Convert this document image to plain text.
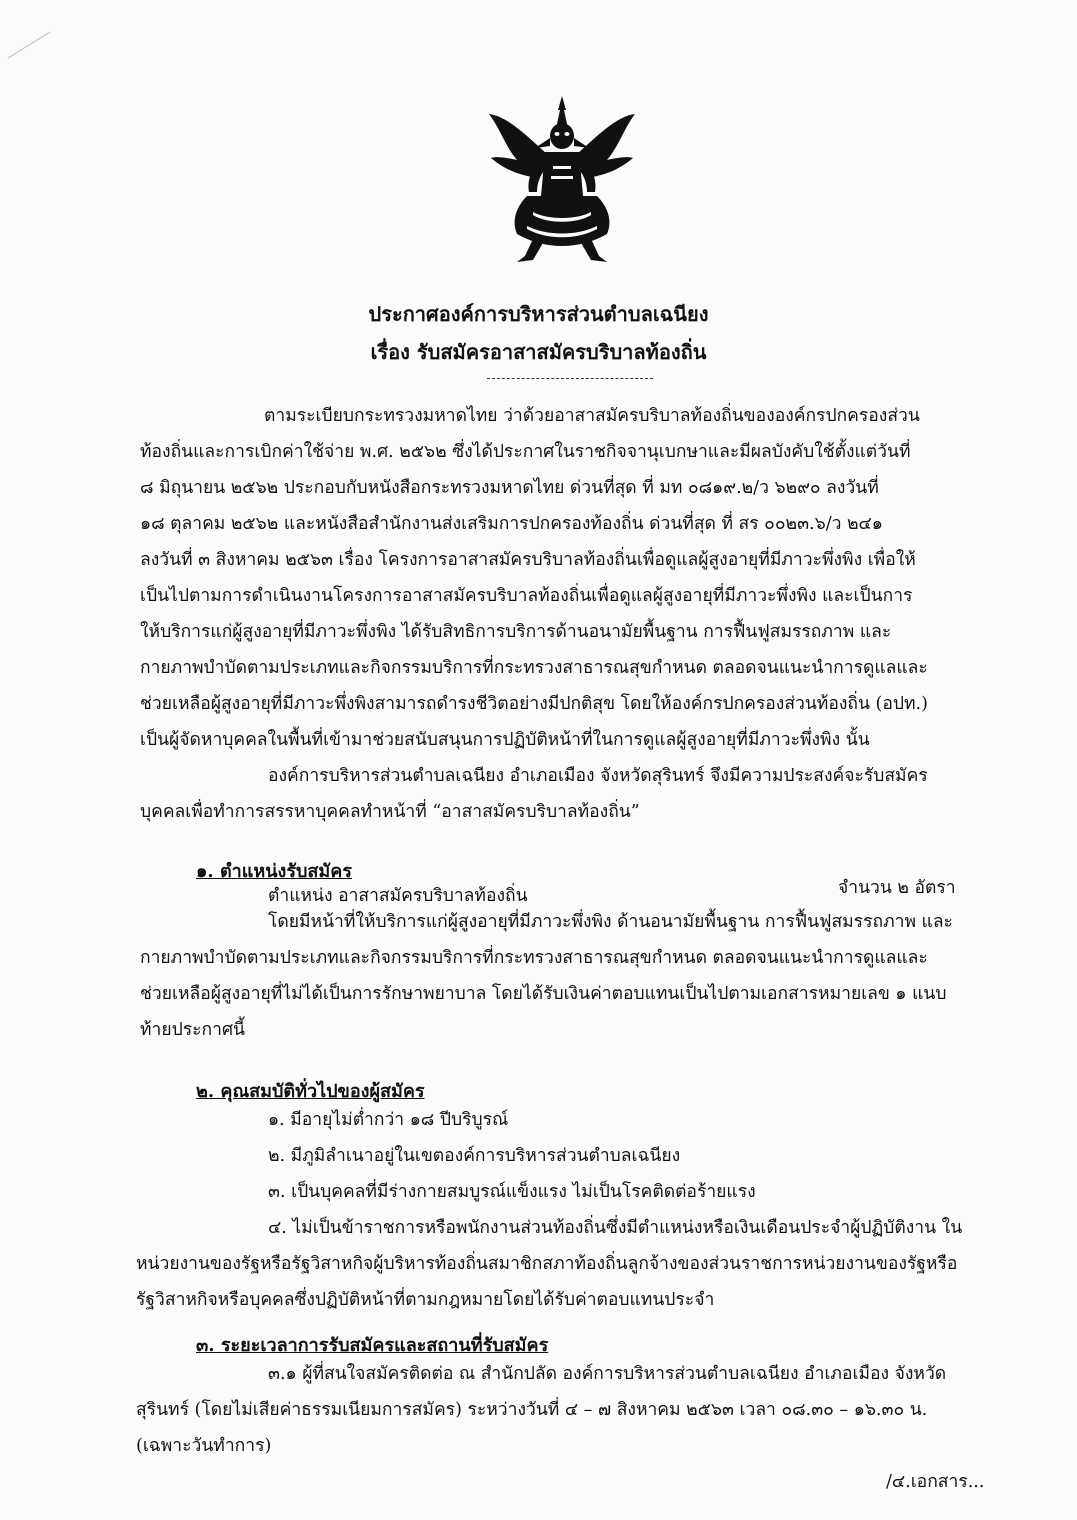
ประกาศองค์การบริหารส่วนตำบลเฉนียง
เรื่อง รับสมัครอาสาสมัครบริบาลท้องถิ่น
ตามระเบียบกระทรวงมหาดไทย ว่าด้วยอาสาสมัครบริบาลท้องถิ่นขององค์กรปกครองส่วน
ท้องถิ่นและการเบิกค่าใช้จ่าย พ.ศ. ๒๕๖๒ ซึ่งได้ประกาศในราชกิจจานุเบกษาและมีผลบังคับใช้ตั้งแต่วันที่
๘ มิถุนายน ๒๕๖๒ ประกอบกับหนังสือกระทรวงมหาดไทย ด่วนที่สุด ที่ มท ๐๘๑๙.๒/ว ๖๒๙๐ ลงวันที่
๑๘ ตุลาคม ๒๕๖๒ และหนังสือสำนักงานส่งเสริมการปกครองท้องถิ่น ด่วนที่สุด ที่ สร ๐๐๒๓.๖/ว ๒๔๑
ลงวันที่ ๓ สิงหาคม ๒๕๖๓ เรื่อง โครงการอาสาสมัครบริบาลท้องถิ่นเพื่อดูแลผู้สูงอายุที่มีภาวะพึ่งพิง เพื่อให้
เป็นไปตามการดำเนินงานโครงการอาสาสมัครบริบาลท้องถิ่นเพื่อดูแลผู้สูงอายุที่มีภาวะพึ่งพิง และเป็นการ
ให้บริการแก่ผู้สูงอายุที่มีภาวะพึ่งพิง ได้รับสิทธิการบริการด้านอนามัยพื้นฐาน การฟื้นฟูสมรรถภาพ และ
กายภาพบำบัดตามประเภทและกิจกรรมบริการที่กระทรวงสาธารณสุขกำหนด ตลอดจนแนะนำการดูแลและ
ช่วยเหลือผู้สูงอายุที่มีภาวะพึ่งพิงสามารถดำรงชีวิตอย่างมีปกติสุข โดยให้องค์กรปกครองส่วนท้องถิ่น (อปท.)
เป็นผู้จัดหาบุคคลในพื้นที่เข้ามาช่วยสนับสนุนการปฏิบัติหน้าที่ในการดูแลผู้สูงอายุที่มีภาวะพึ่งพิง นั้น
องค์การบริหารส่วนตำบลเฉนียง อำเภอเมือง จังหวัดสุรินทร์ จึงมีความประสงค์จะรับสมัคร
บุคคลเพื่อทำการสรรหาบุคคลทำหน้าที่ “อาสาสมัครบริบาลท้องถิ่น”
๑. ตำแหน่งรับสมัคร
ตำแหน่ง อาสาสมัครบริบาลท้องถิ่น	จำนวน ๒ อัตรา
โดยมีหน้าที่ให้บริการแก่ผู้สูงอายุที่มีภาวะพึ่งพิง ด้านอนามัยพื้นฐาน การฟื้นฟูสมรรถภาพ และ
กายภาพบำบัดตามประเภทและกิจกรรมบริการที่กระทรวงสาธารณสุขกำหนด ตลอดจนแนะนำการดูแลและ
ช่วยเหลือผู้สูงอายุที่ไม่ได้เป็นการรักษาพยาบาล โดยได้รับเงินค่าตอบแทนเป็นไปตามเอกสารหมายเลข ๑ แนบ
ท้ายประกาศนี้
๒. คุณสมบัติทั่วไปของผู้สมัคร
๑. มีอายุไม่ต่ำกว่า ๑๘ ปีบริบูรณ์
๒. มีภูมิลำเนาอยู่ในเขตองค์การบริหารส่วนตำบลเฉนียง
๓. เป็นบุคคลที่มีร่างกายสมบูรณ์แข็งแรง ไม่เป็นโรคติดต่อร้ายแรง
๔. ไม่เป็นข้าราชการหรือพนักงานส่วนท้องถิ่นซึ่งมีตำแหน่งหรือเงินเดือนประจำผู้ปฏิบัติงาน ใน
หน่วยงานของรัฐหรือรัฐวิสาหกิจผู้บริหารท้องถิ่นสมาชิกสภาท้องถิ่นลูกจ้างของส่วนราชการหน่วยงานของรัฐหรือ
รัฐวิสาหกิจหรือบุคคลซึ่งปฏิบัติหน้าที่ตามกฎหมายโดยได้รับค่าตอบแทนประจำ
๓. ระยะเวลาการรับสมัครและสถานที่รับสมัคร
๓.๑ ผู้ที่สนใจสมัครติดต่อ ณ สำนักปลัด องค์การบริหารส่วนตำบลเฉนียง อำเภอเมือง จังหวัด
สุรินทร์ (โดยไม่เสียค่าธรรมเนียมการสมัคร) ระหว่างวันที่ ๔ – ๗ สิงหาคม ๒๕๖๓ เวลา ๐๘.๓๐ – ๑๖.๓๐ น.
(เฉพาะวันทำการ)
/๔.เอกสาร...
